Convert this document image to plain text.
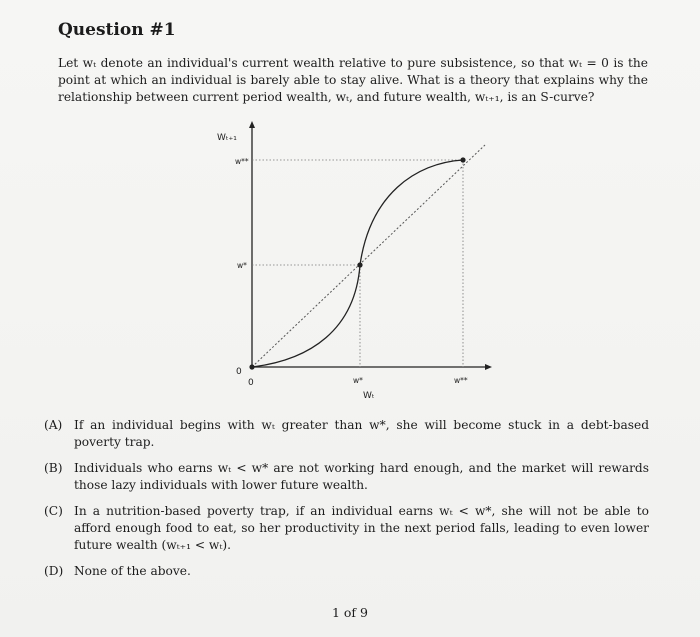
Question #1
Let wₜ denote an individual's current wealth relative to pure subsistence, so that wₜ = 0 is the point at which an individual is barely able to stay alive. What is a theory that explains why the relationship between current period wealth, wₜ, and future wealth, wₜ₊₁, is an S-curve?
Wₜ₊₁
w**
w*
0
0	w*	w**
Wₜ
(A) If an individual begins with wₜ greater than w*, she will become stuck in a debt-based poverty trap.
(B) Individuals who earns wₜ < w* are not working hard enough, and the market will rewards those lazy individuals with lower future wealth.
(C) In a nutrition-based poverty trap, if an individual earns wₜ < w*, she will not be able to afford enough food to eat, so her productivity in the next period falls, leading to even lower future wealth (wₜ₊₁ < wₜ).
(D) None of the above.
1 of 9
